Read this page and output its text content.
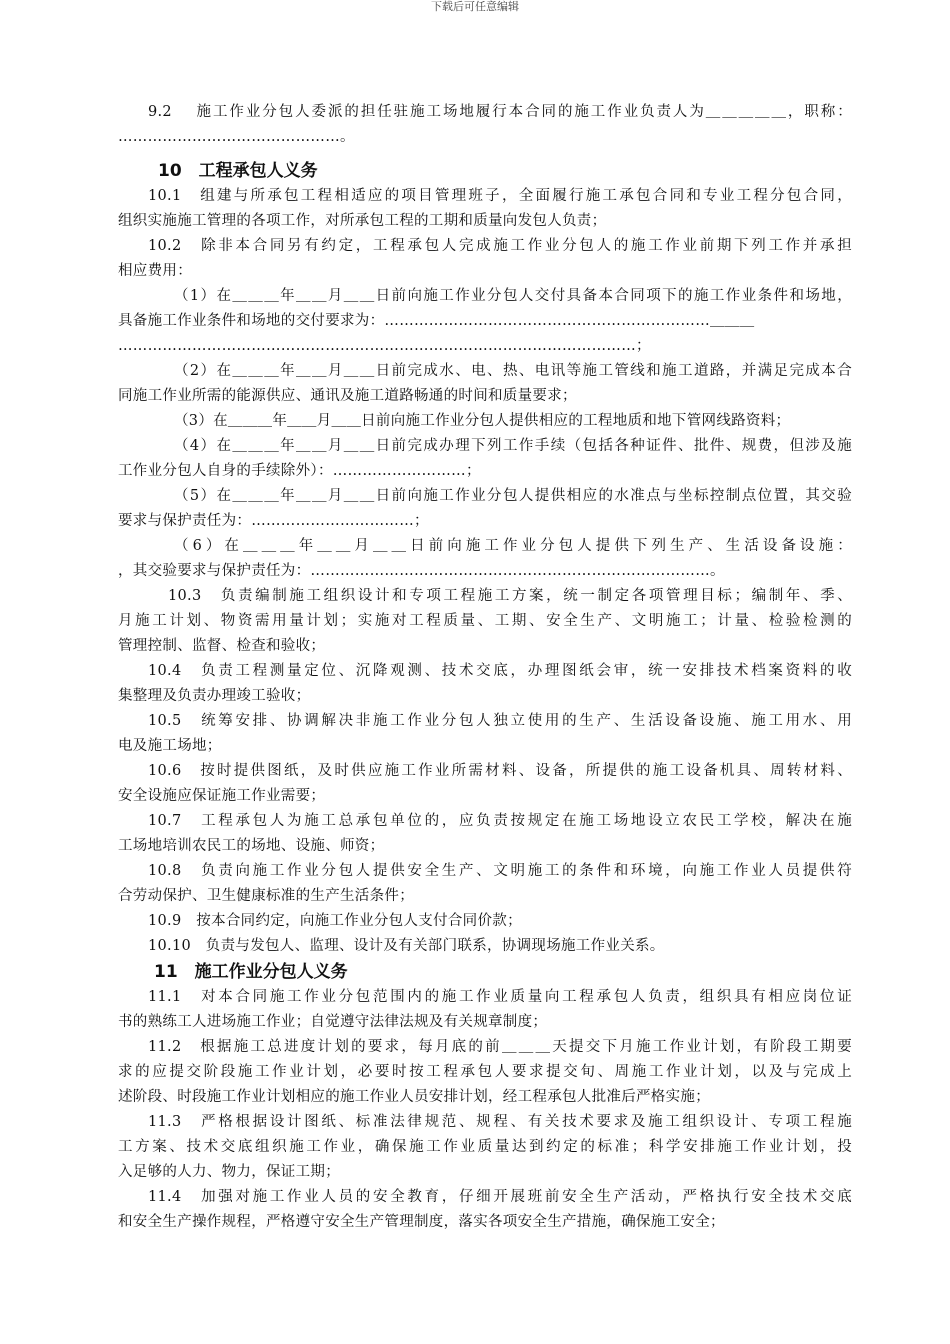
下载后可任意编辑
9.2　 施工作业分包人委派的担任驻施工场地履行本合同的施工作业负责人为＿＿＿＿＿，职称：
………………………………………。
10　工程承包人义务
10.1　组建与所承包工程相适应的项目管理班子，全面履行施工承包合同和专业工程分包合同，
组织实施施工管理的各项工作，对所承包工程的工期和质量向发包人负责；
10.2　除非本合同另有约定，工程承包人完成施工作业分包人的施工作业前期下列工作并承担
相应费用：
（1）在＿＿＿年＿＿月＿＿日前向施工作业分包人交付具备本合同项下的施工作业条件和场地，
具备施工作业条件和场地的交付要求为：…………………………………………………………＿＿＿
……………………………………………………………………………………………；
（2）在＿＿＿年＿＿月＿＿日前完成水、电、热、电讯等施工管线和施工道路，并满足完成本合
同施工作业所需的能源供应、通讯及施工道路畅通的时间和质量要求；
（3）在＿＿＿年＿＿月＿＿日前向施工作业分包人提供相应的工程地质和地下管网线路资料；
（4）在＿＿＿年＿＿月＿＿日前完成办理下列工作手续（包括各种证件、批件、规费，但涉及施
工作业分包人自身的手续除外）：………………………；
（5）在＿＿＿年＿＿月＿＿日前向施工作业分包人提供相应的水准点与坐标控制点位置，其交验
要求与保护责任为：……………………………；
（6）在＿＿＿年＿＿月＿＿日前向施工作业分包人提供下列生产、生活设备设施：
，其交验要求与保护责任为：………………………………………………………………………。
10.3　负责编制施工组织设计和专项工程施工方案，统一制定各项管理目标；编制年、季、
月施工计划、物资需用量计划；实施对工程质量、工期、安全生产、文明施工；计量、检验检测的
管理控制、监督、检查和验收；
10.4　负责工程测量定位、沉降观测、技术交底，办理图纸会审，统一安排技术档案资料的收
集整理及负责办理竣工验收；
10.5　统筹安排、协调解决非施工作业分包人独立使用的生产、生活设备设施、施工用水、用
电及施工场地；
10.6　按时提供图纸，及时供应施工作业所需材料、设备，所提供的施工设备机具、周转材料、
安全设施应保证施工作业需要；
10.7　工程承包人为施工总承包单位的，应负责按规定在施工场地设立农民工学校，解决在施
工场地培训农民工的场地、设施、师资；
10.8　负责向施工作业分包人提供安全生产、文明施工的条件和环境，向施工作业人员提供符
合劳动保护、卫生健康标准的生产生活条件；
10.9　按本合同约定，向施工作业分包人支付合同价款；
10.10　负责与发包人、监理、设计及有关部门联系，协调现场施工作业关系。
11　施工作业分包人义务
11.1　对本合同施工作业分包范围内的施工作业质量向工程承包人负责，组织具有相应岗位证
书的熟练工人进场施工作业；自觉遵守法律法规及有关规章制度；
11.2　根据施工总进度计划的要求，每月底的前＿＿＿天提交下月施工作业计划，有阶段工期要
求的应提交阶段施工作业计划，必要时按工程承包人要求提交旬、周施工作业计划，以及与完成上
述阶段、时段施工作业计划相应的施工作业人员安排计划，经工程承包人批准后严格实施；
11.3　严格根据设计图纸、标准法律规范、规程、有关技术要求及施工组织设计、专项工程施
工方案、技术交底组织施工作业，确保施工作业质量达到约定的标准；科学安排施工作业计划，投
入足够的人力、物力，保证工期；
11.4　加强对施工作业人员的安全教育，仔细开展班前安全生产活动，严格执行安全技术交底
和安全生产操作规程，严格遵守安全生产管理制度，落实各项安全生产措施，确保施工安全；
